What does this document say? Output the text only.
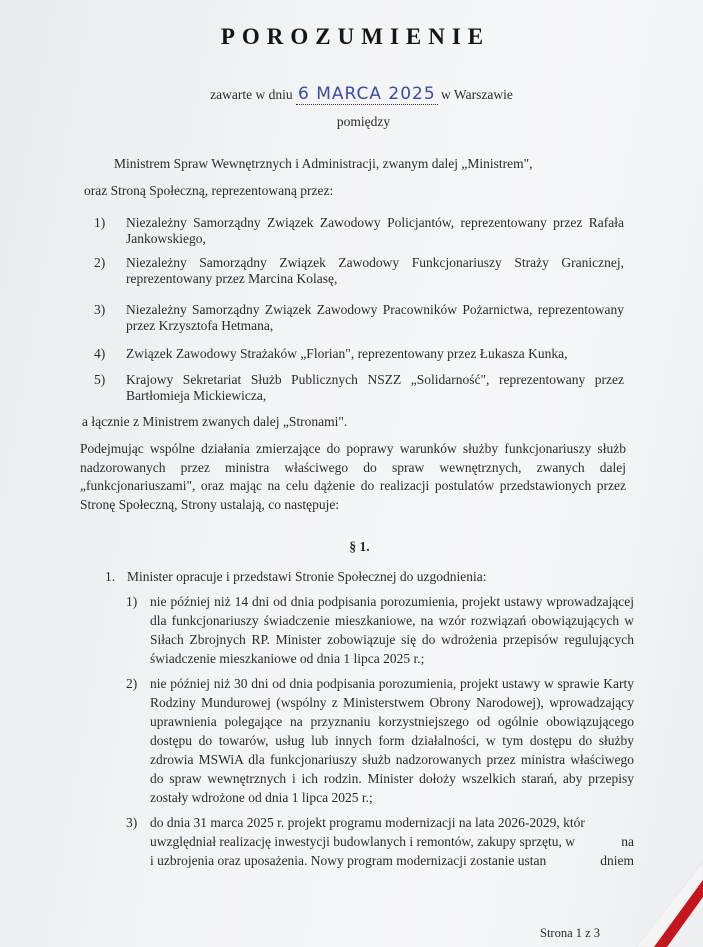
POROZUMIENIE
zawarte w dniu 6 MARCA 2025 w Warszawie
pomiędzy
Ministrem Spraw Wewnętrznych i Administracji, zwanym dalej „Ministrem",
oraz Stroną Społeczną, reprezentowaną przez:
1) Niezależny Samorządny Związek Zawodowy Policjantów, reprezentowany przez Rafała Jankowskiego,
2) Niezależny Samorządny Związek Zawodowy Funkcjonariuszy Straży Granicznej, reprezentowany przez Marcina Kolasę,
3) Niezależny Samorządny Związek Zawodowy Pracowników Pożarnictwa, reprezentowany przez Krzysztofa Hetmana,
4) Związek Zawodowy Strażaków „Florian", reprezentowany przez Łukasza Kunka,
5) Krajowy Sekretariat Służb Publicznych NSZZ „Solidarność", reprezentowany przez Bartłomieja Mickiewicza,
a łącznie z Ministrem zwanych dalej „Stronami".
Podejmując wspólne działania zmierzające do poprawy warunków służby funkcjonariuszy służb nadzorowanych przez ministra właściwego do spraw wewnętrznych, zwanych dalej „funkcjonariuszami", oraz mając na celu dążenie do realizacji postulatów przedstawionych przez Stronę Społeczną, Strony ustalają, co następuje:
§ 1.
1. Minister opracuje i przedstawi Stronie Społecznej do uzgodnienia:
1) nie później niż 14 dni od dnia podpisania porozumienia, projekt ustawy wprowadzającej dla funkcjonariuszy świadczenie mieszkaniowe, na wzór rozwiązań obowiązujących w Siłach Zbrojnych RP. Minister zobowiązuje się do wdrożenia przepisów regulujących świadczenie mieszkaniowe od dnia 1 lipca 2025 r.;
2) nie później niż 30 dni od dnia podpisania porozumienia, projekt ustawy w sprawie Karty Rodziny Mundurowej (wspólny z Ministerstwem Obrony Narodowej), wprowadzający uprawnienia polegające na przyznaniu korzystniejszego od ogólnie obowiązującego dostępu do towarów, usług lub innych form działalności, w tym dostępu do służby zdrowia MSWiA dla funkcjonariuszy służb nadzorowanych przez ministra właściwego do spraw wewnętrznych i ich rodzin. Minister dołoży wszelkich starań, aby przepisy zostały wdrożone od dnia 1 lipca 2025 r.;
3) do dnia 31 marca 2025 r. projekt programu modernizacji na lata 2026-2029, któr
uwzględniał realizację inwestycji budowlanych i remontów, zakupy sprzętu, w	na
i uzbrojenia oraz uposażenia. Nowy program modernizacji zostanie ustan	dniem
Strona 1 z 3
